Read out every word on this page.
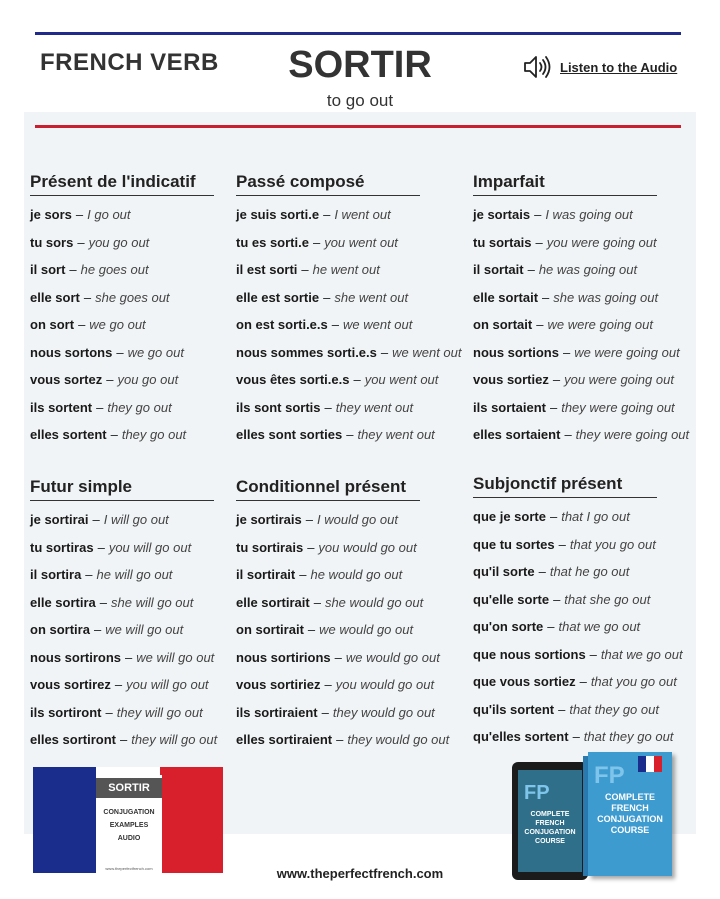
FRENCH VERB	SORTIR
to go out
Listen to the Audio
Présent de l'indicatif
je sors – I go out
tu sors – you go out
il sort – he goes out
elle sort – she goes out
on sort – we go out
nous sortons – we go out
vous sortez – you go out
ils sortent – they go out
elles sortent – they go out
Passé composé
je suis sorti.e – I went out
tu es sorti.e – you went out
il est sorti – he went out
elle est sortie – she went out
on est sorti.e.s – we went out
nous sommes sorti.e.s – we went out
vous êtes sorti.e.s – you went out
ils sont sortis – they went out
elles sont sorties – they went out
Imparfait
je sortais – I was going out
tu sortais – you were going out
il sortait – he was going out
elle sortait – she was going out
on sortait – we were going out
nous sortions – we were going out
vous sortiez – you were going out
ils sortaient – they were going out
elles sortaient – they were going out
Futur simple
je sortirai – I will go out
tu sortiras – you will go out
il sortira – he will go out
elle sortira – she will go out
on sortira – we will go out
nous sortirons – we will go out
vous sortirez – you will go out
ils sortiront – they will go out
elles sortiront – they will go out
Conditionnel présent
je sortirais – I would go out
tu sortirais – you would go out
il sortirait – he would go out
elle sortirait – she would go out
on sortirait – we would go out
nous sortirions – we would go out
vous sortiriez – you would go out
ils sortiraient – they would go out
elles sortiraient – they would go out
Subjonctif présent
que je sorte – that I go out
que tu sortes – that you go out
qu'il sorte – that he go out
qu'elle sorte – that she go out
qu'on sorte – that we go out
que nous sortions – that we go out
que vous sortiez – that you go out
qu'ils sortent – that they go out
qu'elles sortent – that they go out
SORTIR
CONJUGATION
EXAMPLES
AUDIO
www.theperfectfrench.com	www.theperfectfrench.com
FP
COMPLETE
FRENCH
CONJUGATION
COURSE
FP
COMPLETE
FRENCH
CONJUGATION
COURSE
